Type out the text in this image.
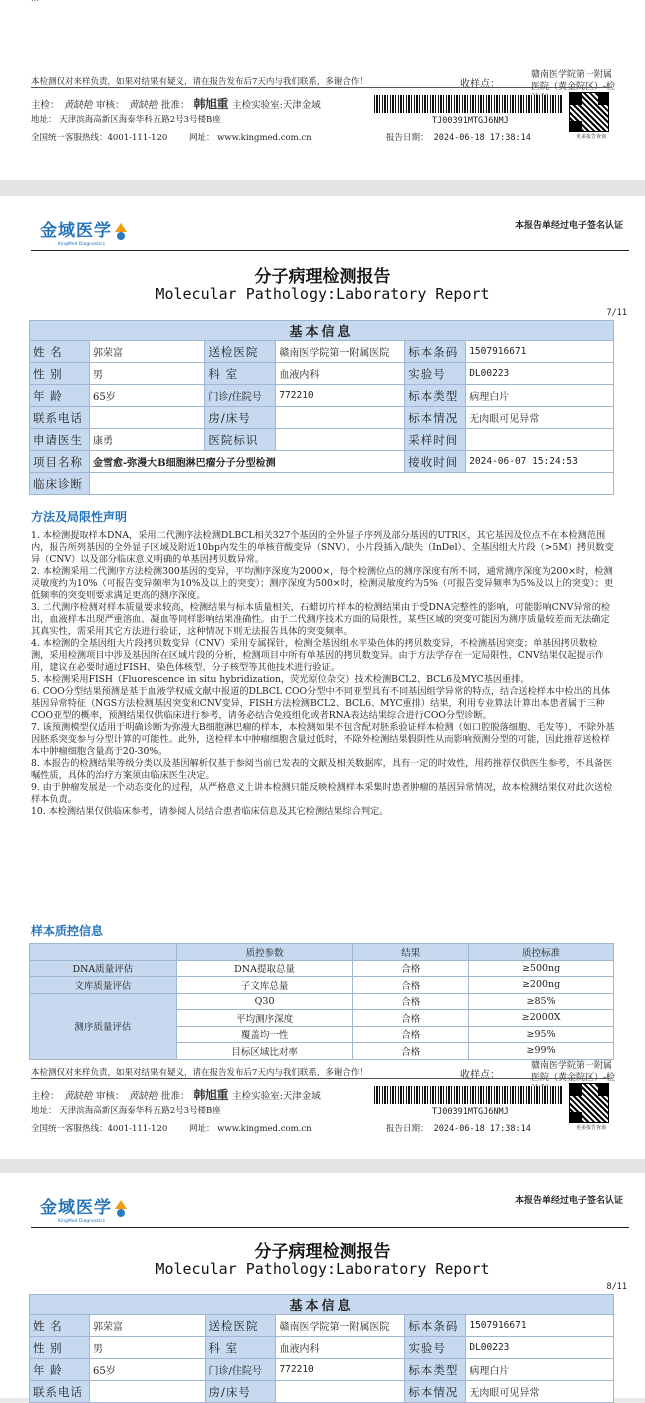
本检测仅对来样负责，如果对结果有疑义，请在报告发布后7天内与我们联系，多谢合作！	收样点：
赣南医学院第一附属医院（黄金院区）-检
主检： 黄缺艳 审核： 黄缺艳 批准： 韩旭重 主检实验室:天津金域
地址： 天津滨海高新区海泰华科五路2号3号楼B座
全国统一客服热线：4001-111-120	网址： www.kingmed.com.cn
TJ00391MTGJ6NMJ
报告日期： 2024-06-18 17:38:14	更多报告查询
金域医学
KingMed Diagnostics
本报告单经过电子签名认证
分子病理检测报告
Molecular Pathology:Laboratory Report
7/11
基本信息					
姓 名	郭荣富	送检医院	赣南医学院第一附属医院	标本条码	1507916671
性 别	男	科 室	血液内科	实验号	DL00223
年 龄	65岁	门诊/住院号	772210	标本类型	病理白片
联系电话		房/床号		标本情况	无肉眼可见异常
申请医生	康勇	医院标识		采样时间	
项目名称	金雪愈-弥漫大B细胞淋巴瘤分子分型检测			接收时间	2024-06-07 15:24:53
临床诊断					
方法及局限性声明

1. 本检测提取样本DNA，采用二代测序法检测DLBCL相关327个基因的全外显子序列及部分基因的UTR区，其它基因及位点不在本检测范围内，报告所列基因的全外显子区域及附近10bp内发生的单核苷酸变异（SNV）、小片段插入/缺失（InDel）、全基因组大片段（>5M）拷贝数变异（CNV）以及部分临床意义明确的单基因拷贝数异常。

2. 本检测采用二代测序方法检测300基因的变异，平均测序深度为2000×，每个检测位点的测序深度有所不同，通常测序深度为200×时，检测灵敏度约为10%（可报告变异频率为10%及以上的突变）；测序深度为500×时，检测灵敏度约为5%（可报告变异频率为5%及以上的突变）；更低频率的突变则要求满足更高的测序深度。

3. 二代测序检测对样本质量要求较高，检测结果与标本质量相关，石蜡切片样本的检测结果由于受DNA完整性的影响，可能影响CNV异常的检出，血液样本出现严重溶血、凝血等同样影响结果准确性。由于二代测序技术方面的局限性，某些区域的突变可能因为测序质量较差而无法确定其真实性，需采用其它方法进行验证，这种情况下则无法报告具体的突变频率。

4. 本检测的全基因组大片段拷贝数变异（CNV）采用专属探针，检测全基因组水平染色体的拷贝数变异，不检测基因突变；单基因拷贝数检测，采用检测项目中涉及基因所在区域片段的分析，检测项目中所有单基因的拷贝数变异。由于方法学存在一定局限性，CNV结果仅起提示作用，建议在必要时通过FISH、染色体核型、分子核型等其他技术进行验证。

5. 本检测采用FISH（Fluorescence in situ hybridization，荧光原位杂交）技术检测BCL2、BCL6及MYC基因重排。

6. COO分型结果预测是基于血液学权威文献中报道的DLBCL COO分型中不同亚型具有不同基因组学异常的特点，结合送检样本中检出的具体基因异常特征（NGS方法检测基因突变和CNV变异，FISH方法检测BCL2、BCL6、MYC重排）结果，利用专业算法计算出本患者属于三种COO亚型的概率，预测结果仅供临床进行参考，请务必结合免疫组化或者RNA表达结果综合进行COO分型诊断。

7. 该预测模型仅适用于明确诊断为弥漫大B细胞淋巴瘤的样本，本检测如果不包含配对胚系验证样本检测（如口腔脱落细胞、毛发等），不除外基因胚系突变参与分型计算的可能性。此外，送检样本中肿瘤细胞含量过低时，不除外检测结果假阴性从而影响预测分型的可能，因此推荐送检样本中肿瘤细胞含量高于20-30%。

8. 本报告的检测结果等级分类以及基因解析仅基于参阅当前已发表的文献及相关数据库，具有一定的时效性，用药推荐仅供医生参考，不具备医嘱性质，具体的治疗方案须由临床医生决定。

9. 由于肿瘤发展是一个动态变化的过程，从严格意义上讲本检测只能反映检测样本采集时患者肿瘤的基因异常情况，故本检测结果仅对此次送检样本负责。

10. 本检测结果仅供临床参考，请参阅人员结合患者临床信息及其它检测结果综合判定。

样本质控信息
	质控参数	结果	质控标准
DNA质量评估	DNA提取总量	合格	≥500ng
文库质量评估	子文库总量	合格	≥200ng
测序质量评估	Q30	合格	≥85%
	平均测序深度	合格	≥2000X
	覆盖均一性	合格	≥95%
	目标区域比对率	合格	≥99%
本检测仅对来样负责，如果对结果有疑义，请在报告发布后7天内与我们联系，多谢合作！	收样点：
赣南医学院第一附属医院（黄金院区）-检
主检： 黄缺艳 审核： 黄缺艳 批准： 韩旭重 主检实验室:天津金域
地址： 天津滨海高新区海泰华科五路2号3号楼B座
全国统一客服热线：4001-111-120	网址： www.kingmed.com.cn
TJ00391MTGJ6NMJ
报告日期： 2024-06-18 17:38:14	更多报告查询
金域医学
KingMed Diagnostics
本报告单经过电子签名认证
分子病理检测报告
Molecular Pathology:Laboratory Report
8/11
基本信息					
姓 名	郭荣富	送检医院	赣南医学院第一附属医院	标本条码	1507916671
性 别	男	科 室	血液内科	实验号	DL00223
年 龄	65岁	门诊/住院号	772210	标本类型	病理白片
联系电话		房/床号		标本情况	无肉眼可见异常
